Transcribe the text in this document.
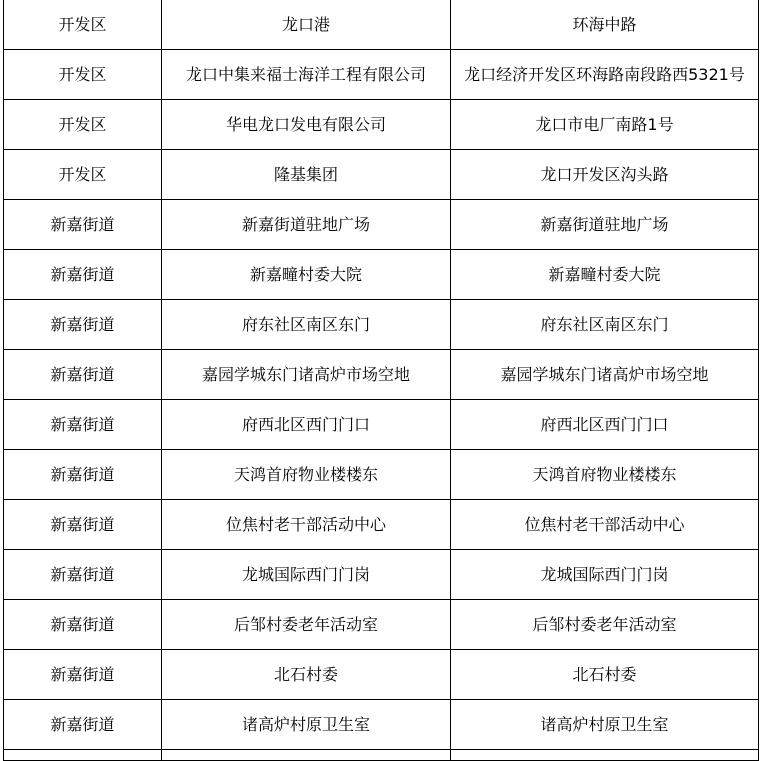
开发区	龙口港	环海中路
开发区	龙口中集来福士海洋工程有限公司	龙口经济开发区环海路南段路西5321号
开发区	华电龙口发电有限公司	龙口市电厂南路1号
开发区	隆基集团	龙口开发区沟头路
新嘉街道	新嘉街道驻地广场	新嘉街道驻地广场
新嘉街道	新嘉疃村委大院	新嘉疃村委大院
新嘉街道	府东社区南区东门	府东社区南区东门
新嘉街道	嘉园学城东门诸高炉市场空地	嘉园学城东门诸高炉市场空地
新嘉街道	府西北区西门门口	府西北区西门门口
新嘉街道	天鸿首府物业楼楼东	天鸿首府物业楼楼东
新嘉街道	位焦村老干部活动中心	位焦村老干部活动中心
新嘉街道	龙城国际西门门岗	龙城国际西门门岗
新嘉街道	后邹村委老年活动室	后邹村委老年活动室
新嘉街道	北石村委	北石村委
新嘉街道	诸高炉村原卫生室	诸高炉村原卫生室
